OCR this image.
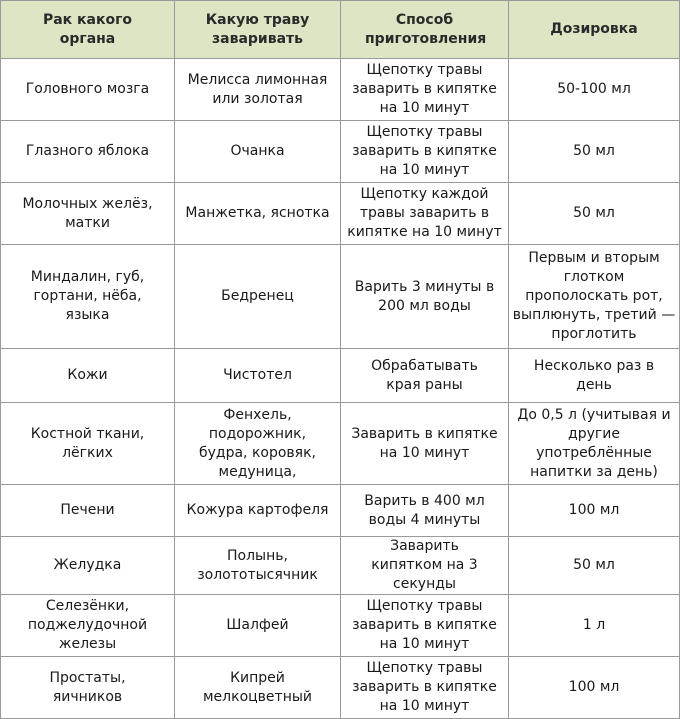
Рак какого органа	Какую траву заваривать	Способ приготовления	Дозировка
Головного мозга	Мелисса лимонная или золотая	Щепотку травы заварить в кипятке на 10 минут	50-100 мл
Глазного яблока	Очанка	Щепотку травы заварить в кипятке на 10 минут	50 мл
Молочных желёз, матки	Манжетка, яснотка	Щепотку каждой травы заварить в кипятке на 10 минут	50 мл
Миндалин, губ, гортани, нёба, языка	Бедренец	Варить 3 минуты в 200 мл воды	Первым и вторым глотком прополоскать рот, выплюнуть, третий — проглотить
Кожи	Чистотел	Обрабатывать края раны	Несколько раз в день
Костной ткани, лёгких	Фенхель, подорожник, будра, коровяк, медуница,	Заварить в кипятке на 10 минут	До 0,5 л (учитывая и другие употреблённые напитки за день)
Печени	Кожура картофеля	Варить в 400 мл воды 4 минуты	100 мл
Желудка	Полынь, золототысячник	Заварить кипятком на 3 секунды	50 мл
Селезёнки, поджелудочной железы	Шалфей	Щепотку травы заварить в кипятке на 10 минут	1 л
Простаты, яичников	Кипрей мелкоцветный	Щепотку травы заварить в кипятке на 10 минут	100 мл
